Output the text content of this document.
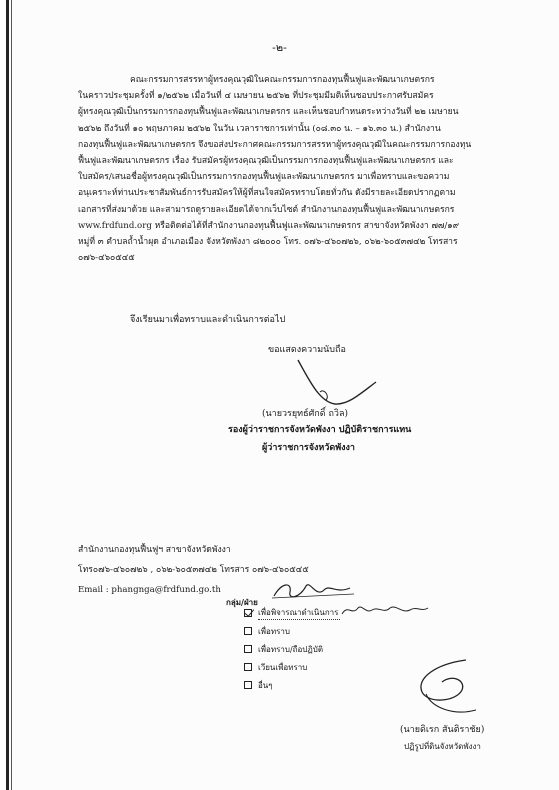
-๒-
คณะกรรมการสรรหาผู้ทรงคุณวุฒิในคณะกรรมการกองทุนฟื้นฟูและพัฒนาเกษตรกร
ในคราวประชุมครั้งที่ ๑/๒๕๖๒ เมื่อวันที่ ๔ เมษายน ๒๕๖๒ ที่ประชุมมีมติเห็นชอบประกาศรับสมัคร
ผู้ทรงคุณวุฒิเป็นกรรมการกองทุนฟื้นฟูและพัฒนาเกษตรกร และเห็นชอบกำหนดระหว่างวันที่ ๒๒ เมษายน
๒๕๖๒ ถึงวันที่ ๑๐ พฤษภาคม ๒๕๖๒ ในวัน เวลาราชการเท่านั้น (๐๘.๓๐ น. – ๑๖.๓๐ น.) สำนักงาน
กองทุนฟื้นฟูและพัฒนาเกษตรกร จึงขอส่งประกาศคณะกรรมการสรรหาผู้ทรงคุณวุฒิในคณะกรรมการกองทุน
ฟื้นฟูและพัฒนาเกษตรกร เรื่อง รับสมัครผู้ทรงคุณวุฒิเป็นกรรมการกองทุนฟื้นฟูและพัฒนาเกษตรกร และ
ใบสมัคร/เสนอชื่อผู้ทรงคุณวุฒิเป็นกรรมการกองทุนฟื้นฟูและพัฒนาเกษตรกร มาเพื่อทราบและขอความ
อนุเคราะห์ท่านประชาสัมพันธ์การรับสมัครให้ผู้ที่สนใจสมัครทราบโดยทั่วกัน ดังมีรายละเอียดปรากฏตาม
เอกสารที่ส่งมาด้วย และสามารถดูรายละเอียดได้จากเว็บไซต์ สำนักงานกองทุนฟื้นฟูและพัฒนาเกษตรกร
www.frdfund.org หรือติดต่อได้ที่สำนักงานกองทุนฟื้นฟูและพัฒนาเกษตรกร สาขาจังหวัดพังงา ๗๗/๑๙
หมู่ที่ ๓ ตำบลถ้ำน้ำผุด อำเภอเมือง จังหวัดพังงา ๘๒๐๐๐ โทร. ๐๗๖-๔๖๐๗๒๖, ๐๖๒-๖๐๕๓๗๔๒ โทรสาร
๐๗๖-๔๖๐๕๔๕
จึงเรียนมาเพื่อทราบและดำเนินการต่อไป
ขอแสดงความนับถือ
(นายวรยุทธ์ศักดิ์ ถวิล)
รองผู้ว่าราชการจังหวัดพังงา ปฏิบัติราชการแทน
ผู้ว่าราชการจังหวัดพังงา
สำนักงานกองทุนฟื้นฟูฯ สาขาจังหวัดพังงา
โทร๐๗๖-๔๖๐๗๒๖ , ๐๖๒-๖๐๕๓๗๔๒ โทรสาร ๐๗๖-๔๖๐๕๔๕
Email : phangnga@frdfund.go.th
กลุ่ม/ฝ่าย
เพื่อพิจารณาดำเนินการ
เพื่อทราบ
เพื่อทราบ/ถือปฏิบัติ
เวียนเพื่อทราบ
อื่นๆ
(นายดิเรก สันติราชัย)
ปฏิรูปที่ดินจังหวัดพังงา
